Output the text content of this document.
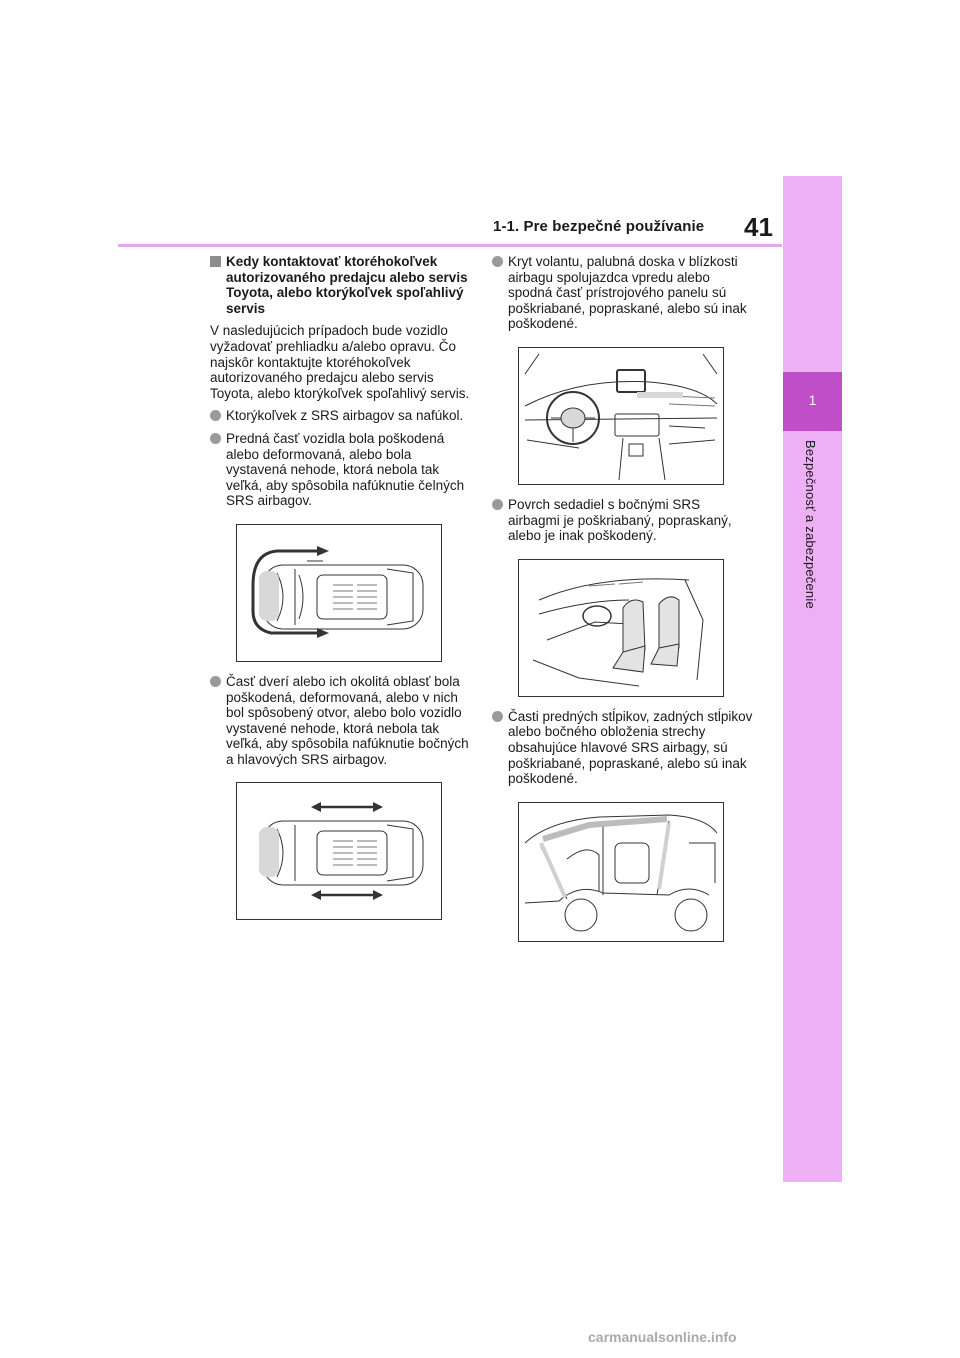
1-1. Pre bezpečné používanie 41
1
Bezpečnosť a zabezpečenie
Kedy kontaktovať ktoréhokoľvek autorizovaného predajcu alebo servis Toyota, alebo ktorýkoľvek spoľahlivý servis
V nasledujúcich prípadoch bude vozidlo vyžadovať prehliadku a/alebo opravu. Čo najskôr kontaktujte ktoréhokoľvek autorizovaného predajcu alebo servis Toyota, alebo ktorýkoľvek spoľahlivý servis.
Ktorýkoľvek z SRS airbagov sa nafúkol.
Predná časť vozidla bola poškodená alebo deformovaná, alebo bola vystavená nehode, ktorá nebola tak veľká, aby spôsobila nafúknutie čelných SRS airbagov.
Časť dverí alebo ich okolitá oblasť bola poškodená, deformovaná, alebo v nich bol spôsobený otvor, alebo bolo vozidlo vystavené nehode, ktorá nebola tak veľká, aby spôsobila nafúknutie bočných a hlavových SRS airbagov.
Kryt volantu, palubná doska v blízkosti airbagu spolujazdca vpredu alebo spodná časť prístrojového panelu sú poškriabané, popraskané, alebo sú inak poškodené.
Povrch sedadiel s bočnými SRS airbagmi je poškriabaný, popraskaný, alebo je inak poškodený.
Časti predných stĺpikov, zadných stĺpikov alebo bočného obloženia strechy obsahujúce hlavové SRS airbagy, sú poškriabané, popraskané, alebo sú inak poškodené.
carmanualsonline.info
